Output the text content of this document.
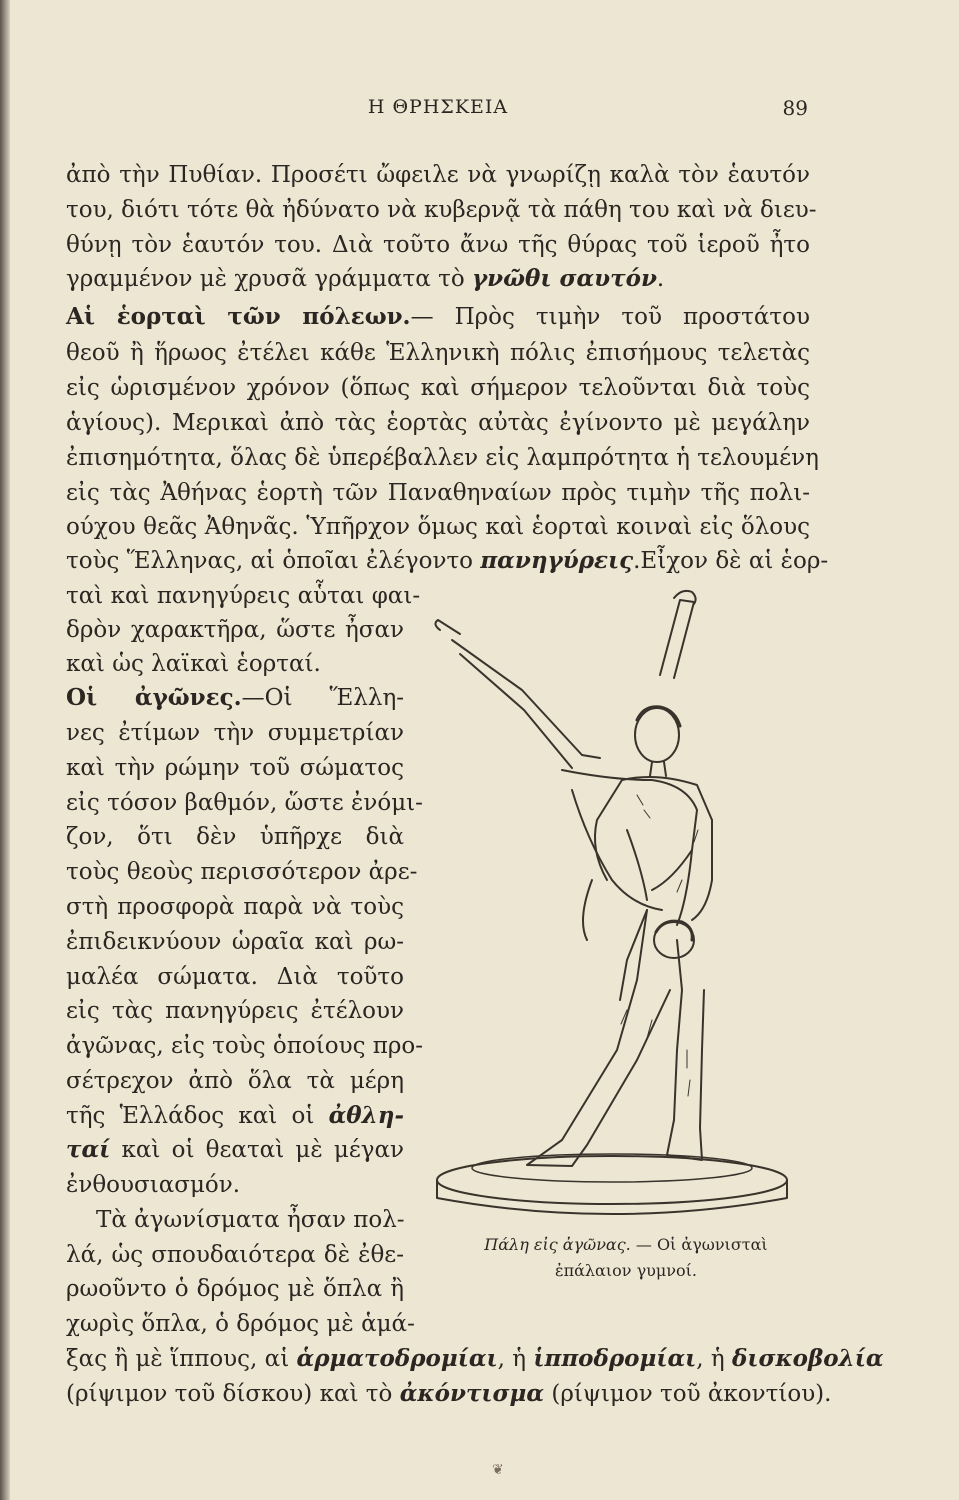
Η ΘΡΗΣΚΕΙΑ	89
ἀπὸ τὴν Πυθίαν. Προσέτι ὤφειλε νὰ γνωρίζῃ καλὰ τὸν ἑαυτόν
του, διότι τότε θὰ ἠδύνατο νὰ κυβερνᾷ τὰ πάθη του καὶ νὰ διευ-
θύνῃ τὸν ἑαυτόν του. Διὰ τοῦτο ἄνω τῆς θύρας τοῦ ἱεροῦ ἦτο
γραμμένον μὲ χρυσᾶ γράμματα τὸ γνῶθι σαυτόν.
Αἱ ἑορταὶ τῶν πόλεων.— Πρὸς τιμὴν τοῦ προστάτου
θεοῦ ἢ ἥρωος ἐτέλει κάθε Ἑλληνικὴ πόλις ἐπισήμους τελετὰς
εἰς ὡρισμένον χρόνον (ὅπως καὶ σήμερον τελοῦνται διὰ τοὺς
ἁγίους). Μερικαὶ ἀπὸ τὰς ἑορτὰς αὐτὰς ἐγίνοντο μὲ μεγάλην
ἐπισημότητα, ὅλας δὲ ὑπερέβαλλεν εἰς λαμπρότητα ἡ τελουμένη
εἰς τὰς Ἀθήνας ἑορτὴ τῶν Παναθηναίων πρὸς τιμὴν τῆς πολι-
ούχου θεᾶς Ἀθηνᾶς. Ὑπῆρχον ὅμως καὶ ἑορταὶ κοιναὶ εἰς ὅλους
τοὺς Ἕλληνας, αἱ ὁποῖαι ἐλέγοντο πανηγύρεις.Εἶχον δὲ αἱ ἑορ-
ταὶ καὶ πανηγύρεις αὗται φαι-
δρὸν χαρακτῆρα, ὥστε ἦσαν
καὶ ὡς λαϊκαὶ ἑορταί.
Οἱ ἀγῶνες.—Οἱ Ἕλλη-
νες ἐτίμων τὴν συμμετρίαν
καὶ τὴν ρώμην τοῦ σώματος
εἰς τόσον βαθμόν, ὥστε ἐνόμι-
ζον, ὅτι δὲν ὑπῆρχε διὰ
τοὺς θεοὺς περισσότερον ἀρε-
στὴ προσφορὰ παρὰ νὰ τοὺς
ἐπιδεικνύουν ὡραῖα καὶ ρω-
μαλέα σώματα. Διὰ τοῦτο
εἰς τὰς πανηγύρεις ἐτέλουν
ἀγῶνας, εἰς τοὺς ὁποίους προ-
σέτρεχον ἀπὸ ὅλα τὰ μέρη
τῆς Ἑλλάδος καὶ οἱ ἀθλη-
ταί καὶ οἱ θεαταὶ μὲ μέγαν
ἐνθουσιασμόν.
Τὰ ἀγωνίσματα ἦσαν πολ-
λά, ὡς σπουδαιότερα δὲ ἐθε-
ρωοῦντο ὁ δρόμος μὲ ὅπλα ἢ
χωρὶς ὅπλα, ὁ δρόμος μὲ ἁμά-
ξας ἢ μὲ ἵππους, αἱ ἁρματοδρομίαι, ἡ ἱπποδρομίαι, ἡ δισκοβολία
(ρίψιμον τοῦ δίσκου) καὶ τὸ ἀκόντισμα (ρίψιμον τοῦ ἀκοντίου).
Πάλη εἰς ἀγῶνας. — Οἱ ἀγωνισταὶ
ἐπάλαιον γυμνοί.
❦
